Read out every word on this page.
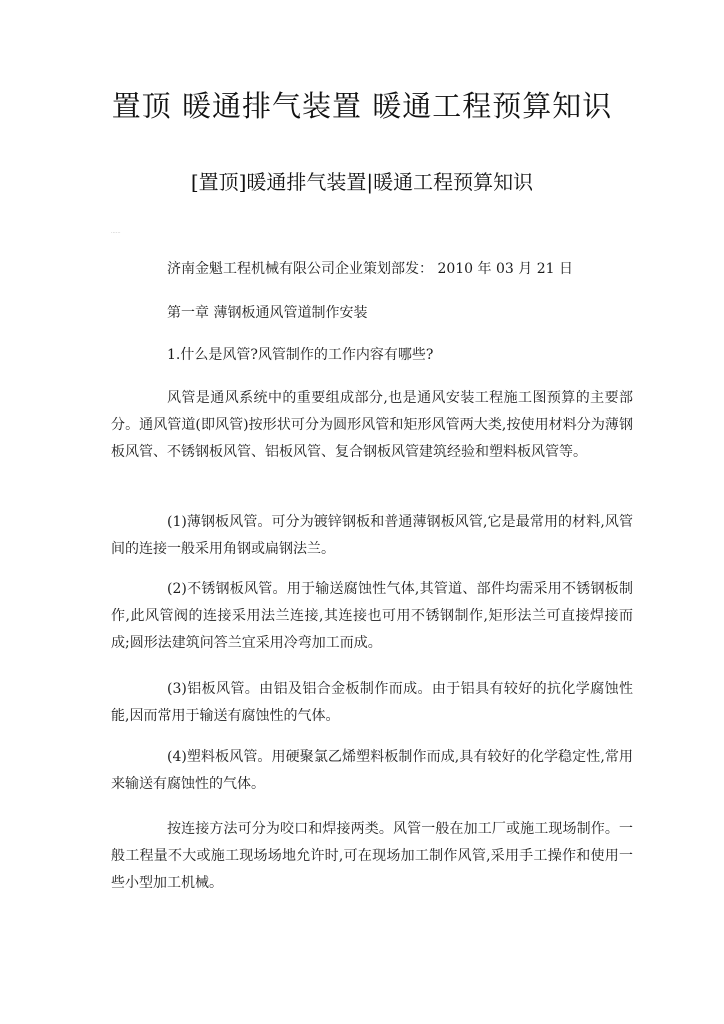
置顶 暖通排气装置 暖通工程预算知识
[置顶]暖通排气装置|暖通工程预算知识
......

济南金魁工程机械有限公司企业策划部发： 2010 年 03 月 21 日

第一章 薄钢板通风管道制作安装

1.什么是风管?风管制作的工作内容有哪些?

风管是通风系统中的重要组成部分,也是通风安装工程施工图预算的主要部分。通风管道(即风管)按形状可分为圆形风管和矩形风管两大类,按使用材料分为薄钢板风管、不锈钢板风管、铝板风管、复合钢板风管建筑经验和塑料板风管等。

(1)薄钢板风管。可分为镀锌钢板和普通薄钢板风管,它是最常用的材料,风管间的连接一般采用角钢或扁钢法兰。

(2)不锈钢板风管。用于输送腐蚀性气体,其管道、部件均需采用不锈钢板制作,此风管阀的连接采用法兰连接,其连接也可用不锈钢制作,矩形法兰可直接焊接而成;圆形法建筑问答兰宜采用冷弯加工而成。

(3)铝板风管。由铝及铝合金板制作而成。由于铝具有较好的抗化学腐蚀性能,因而常用于输送有腐蚀性的气体。

(4)塑料板风管。用硬聚氯乙烯塑料板制作而成,具有较好的化学稳定性,常用来输送有腐蚀性的气体。

按连接方法可分为咬口和焊接两类。风管一般在加工厂或施工现场制作。一般工程量不大或施工现场场地允许时,可在现场加工制作风管,采用手工操作和使用一些小型加工机械。
